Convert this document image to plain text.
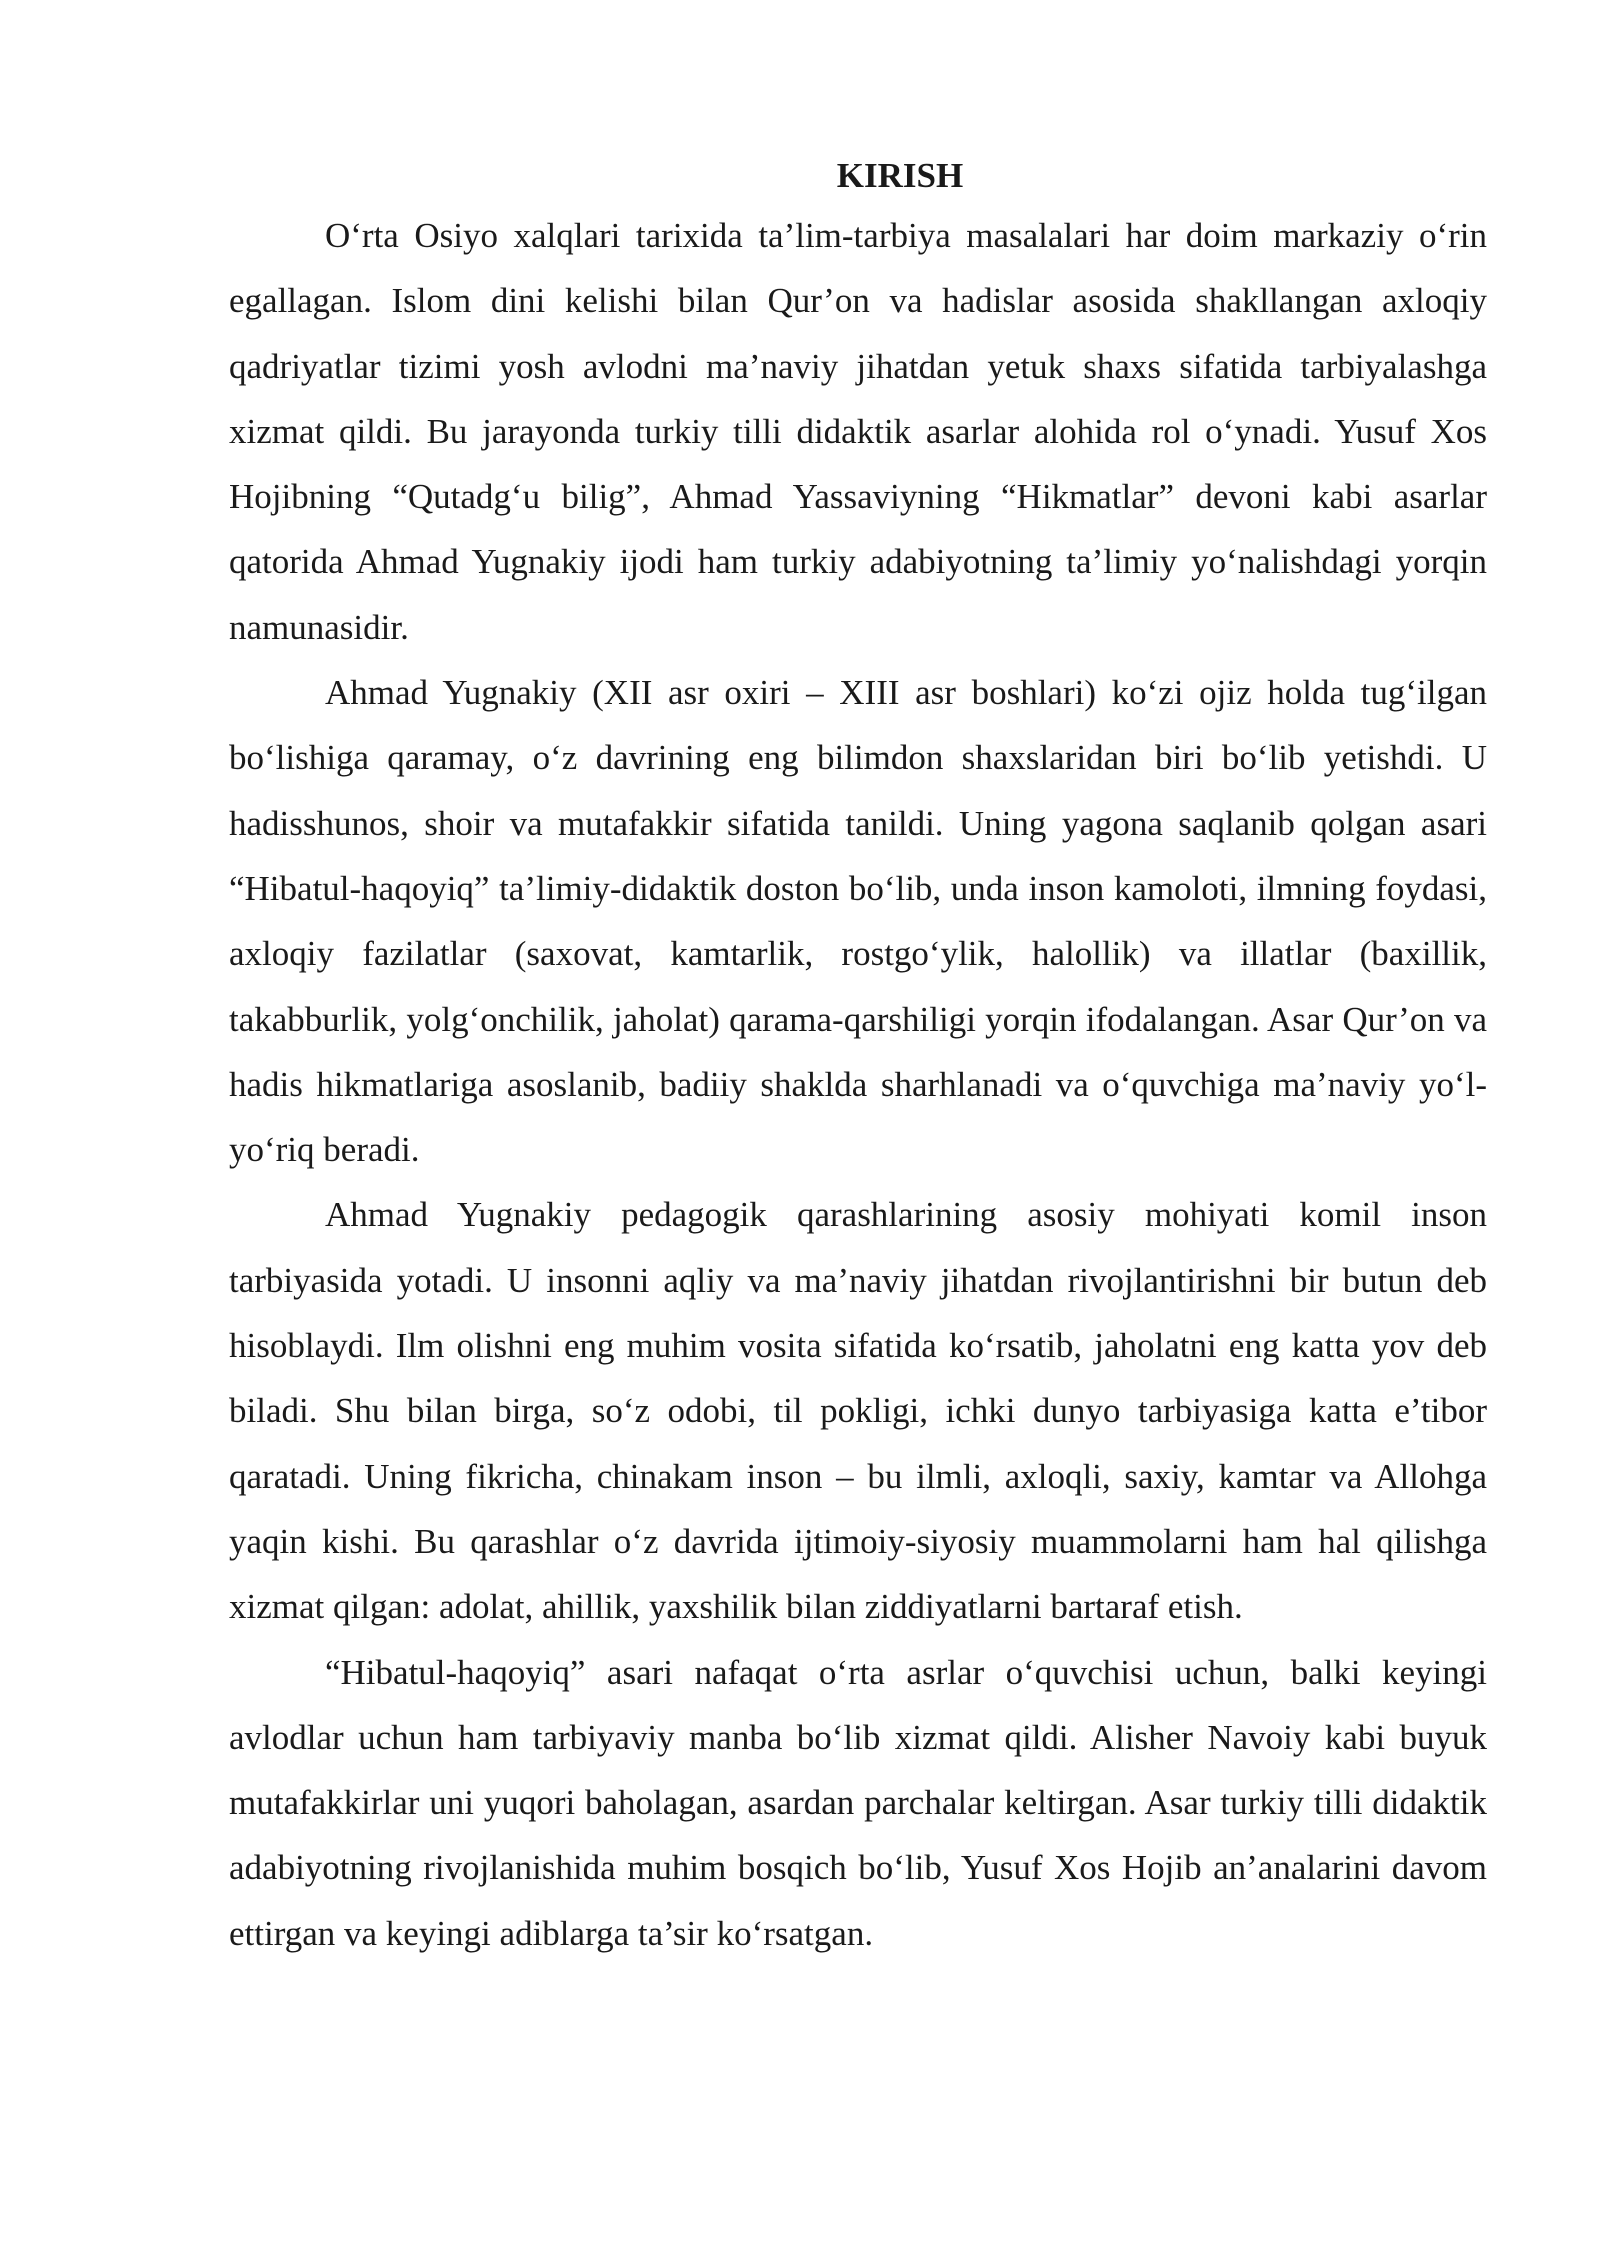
KIRISH

O‘rta Osiyo xalqlari tarixida ta’lim-tarbiya masalalari har doim markaziy o‘rin egallagan. Islom dini kelishi bilan Qur’on va hadislar asosida shakllangan axloqiy qadriyatlar tizimi yosh avlodni ma’naviy jihatdan yetuk shaxs sifatida tarbiyalashga xizmat qildi. Bu jarayonda turkiy tilli didaktik asarlar alohida rol o‘ynadi. Yusuf Xos Hojibning “Qutadg‘u bilig”, Ahmad Yassaviyning “Hikmatlar” devoni kabi asarlar qatorida Ahmad Yugnakiy ijodi ham turkiy adabiyotning ta’limiy yo‘nalishdagi yorqin namunasidir.

Ahmad Yugnakiy (XII asr oxiri – XIII asr boshlari) ko‘zi ojiz holda tug‘ilgan bo‘lishiga qaramay, o‘z davrining eng bilimdon shaxslaridan biri bo‘lib yetishdi. U hadisshunos, shoir va mutafakkir sifatida tanildi. Uning yagona saqlanib qolgan asari “Hibatul-haqoyiq” ta’limiy-didaktik doston bo‘lib, unda inson kamoloti, ilmning foydasi, axloqiy fazilatlar (saxovat, kamtarlik, rostgo‘ylik, halollik) va illatlar (baxillik, takabburlik, yolg‘onchilik, jaholat) qarama-qarshiligi yorqin ifodalangan. Asar Qur’on va hadis hikmatlariga asoslanib, badiiy shaklda sharhlanadi va o‘quvchiga ma’naviy yo‘l-yo‘riq beradi.

Ahmad Yugnakiy pedagogik qarashlarining asosiy mohiyati komil inson tarbiyasida yotadi. U insonni aqliy va ma’naviy jihatdan rivojlantirishni bir butun deb hisoblaydi. Ilm olishni eng muhim vosita sifatida ko‘rsatib, jaholatni eng katta yov deb biladi. Shu bilan birga, so‘z odobi, til pokligi, ichki dunyo tarbiyasiga katta e’tibor qaratadi. Uning fikricha, chinakam inson – bu ilmli, axloqli, saxiy, kamtar va Allohga yaqin kishi. Bu qarashlar o‘z davrida ijtimoiy-siyosiy muammolarni ham hal qilishga xizmat qilgan: adolat, ahillik, yaxshilik bilan ziddiyatlarni bartaraf etish.

“Hibatul-haqoyiq” asari nafaqat o‘rta asrlar o‘quvchisi uchun, balki keyingi avlodlar uchun ham tarbiyaviy manba bo‘lib xizmat qildi. Alisher Navoiy kabi buyuk mutafakkirlar uni yuqori baholagan, asardan parchalar keltirgan. Asar turkiy tilli didaktik adabiyotning rivojlanishida muhim bosqich bo‘lib, Yusuf Xos Hojib an’analarini davom ettirgan va keyingi adiblarga ta’sir ko‘rsatgan.
